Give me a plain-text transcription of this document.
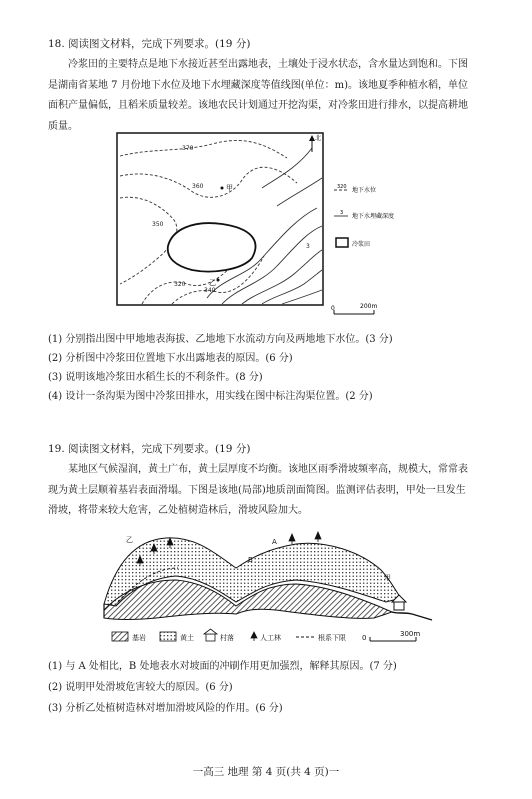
18. 阅读图文材料，完成下列要求。(19 分)
冷浆田的主要特点是地下水接近甚至出露地表，土壤处于浸水状态，含水量达到饱和。下图
是湖南省某地 7 月份地下水位及地下水埋藏深度等值线图(单位：m)。该地夏季种植水稻，单位
面积产量偏低，且稻米质量较差。该地农民计划通过开挖沟渠，对冷浆田进行排水，以提高耕地
质量。
370
360
350
340
320
3
甲
乙
北
320 地下水位
3 地下水埋藏深度
冷浆田
0	200m
(1) 分别指出图中甲地地表海拔、乙地地下水流动方向及两地地下水位。(3 分)
(2) 分析图中冷浆田位置地下水出露地表的原因。(6 分)
(3) 说明该地冷浆田水稻生长的不利条件。(8 分)
(4) 设计一条沟渠为图中冷浆田排水，用实线在图中标注沟渠位置。(2 分)
19. 阅读图文材料，完成下列要求。(19 分)
某地区气候湿润，黄土广布，黄土层厚度不均衡。该地区雨季滑坡频率高，规模大，常常表
现为黄土层顺着基岩表面滑塌。下图是该地(局部)地质剖面简图。监测评估表明，甲处一旦发生
滑坡，将带来较大危害，乙处植树造林后，滑坡风险加大。
乙	A
B
甲
基岩	黄土	村落	人工林	根系下限 0	300m
(1) 与 A 处相比，B 处地表水对坡面的冲刷作用更加强烈，解释其原因。(7 分)
(2) 说明甲处滑坡危害较大的原因。(6 分)
(3) 分析乙处植树造林对增加滑坡风险的作用。(6 分)
一高三 地理 第 4 页(共 4 页)一
